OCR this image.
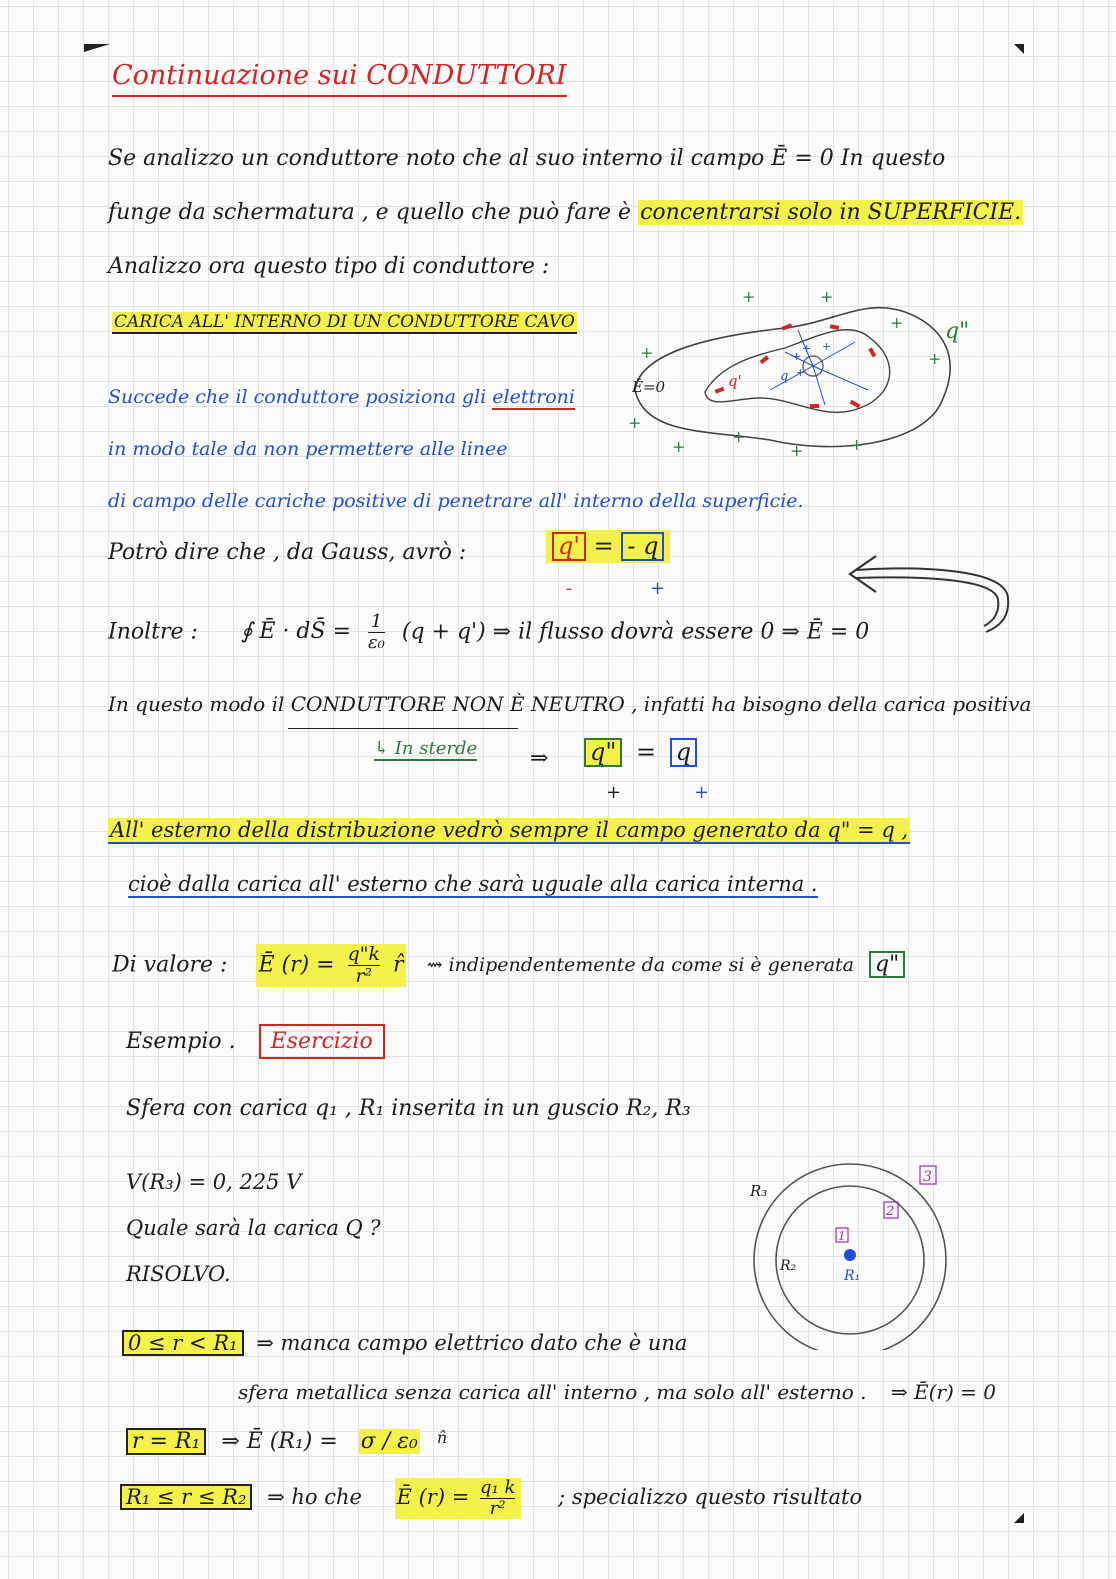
Continuazione sui CONDUTTORI
Se analizzo un conduttore noto che al suo interno il campo Ē = 0 In questo
funge da schermatura , e quello che può fare è concentrarsi solo in SUPERFICIE.
Analizzo ora questo tipo di conduttore :
CARICA ALL' INTERNO DI UN CONDUTTORE CAVO
Succede che il conduttore posiziona gli elettroni
in modo tale da non permettere alle linee
di campo delle cariche positive di penetrare all' interno della superficie.
Ē=0	q'	q
q"
+
+
+
+
+	+
+
+
+
+
+
+
+	+
Potrò dire che , da Gauss, avrò :	q' = - q
-	+
Inoltre : ∮ Ē · dS̄ = $\frac{1}{\text{ε₀}} (q + q')$ ⇒ il flusso dovrà essere 0 ⇒ Ē = 0
In questo modo il CONDUTTORE NON È NEUTRO , infatti ha bisogno della carica positiva
↳ In sterde ⇒ q" = q
+	+
All' esterno della distribuzione vedrò sempre il campo generato da q" = q ,
cioè dalla carica all' esterno che sarà uguale alla carica interna .
Di valore : Ē $(r) = \frac{q"k}{\text{r²}}$ r̂ ⇝ indipendentemente da come si è generata q"
Esempio . Esercizio
Sfera con carica q₁ , R₁ inserita in un guscio R₂, R₃
V(R₃) = 0, 225 V
Quale sarà la carica Q ?
RISOLVO.
R₃
R₂
R₁
1
2
3
0 ≤ r < R₁ ⇒ manca campo elettrico dato che è una
sfera metallica senza carica all' interno , ma solo all' esterno . ⇒ Ē(r) = 0
r = R₁ ⇒ Ē (R₁) = σ / ε₀ $^{n̂}$
R₁ ≤ r ≤ R₂ ⇒ ho che Ē $(r) = \frac{\text{q₁ k}}{\text{r²}}$ ; specializzo questo risultato
